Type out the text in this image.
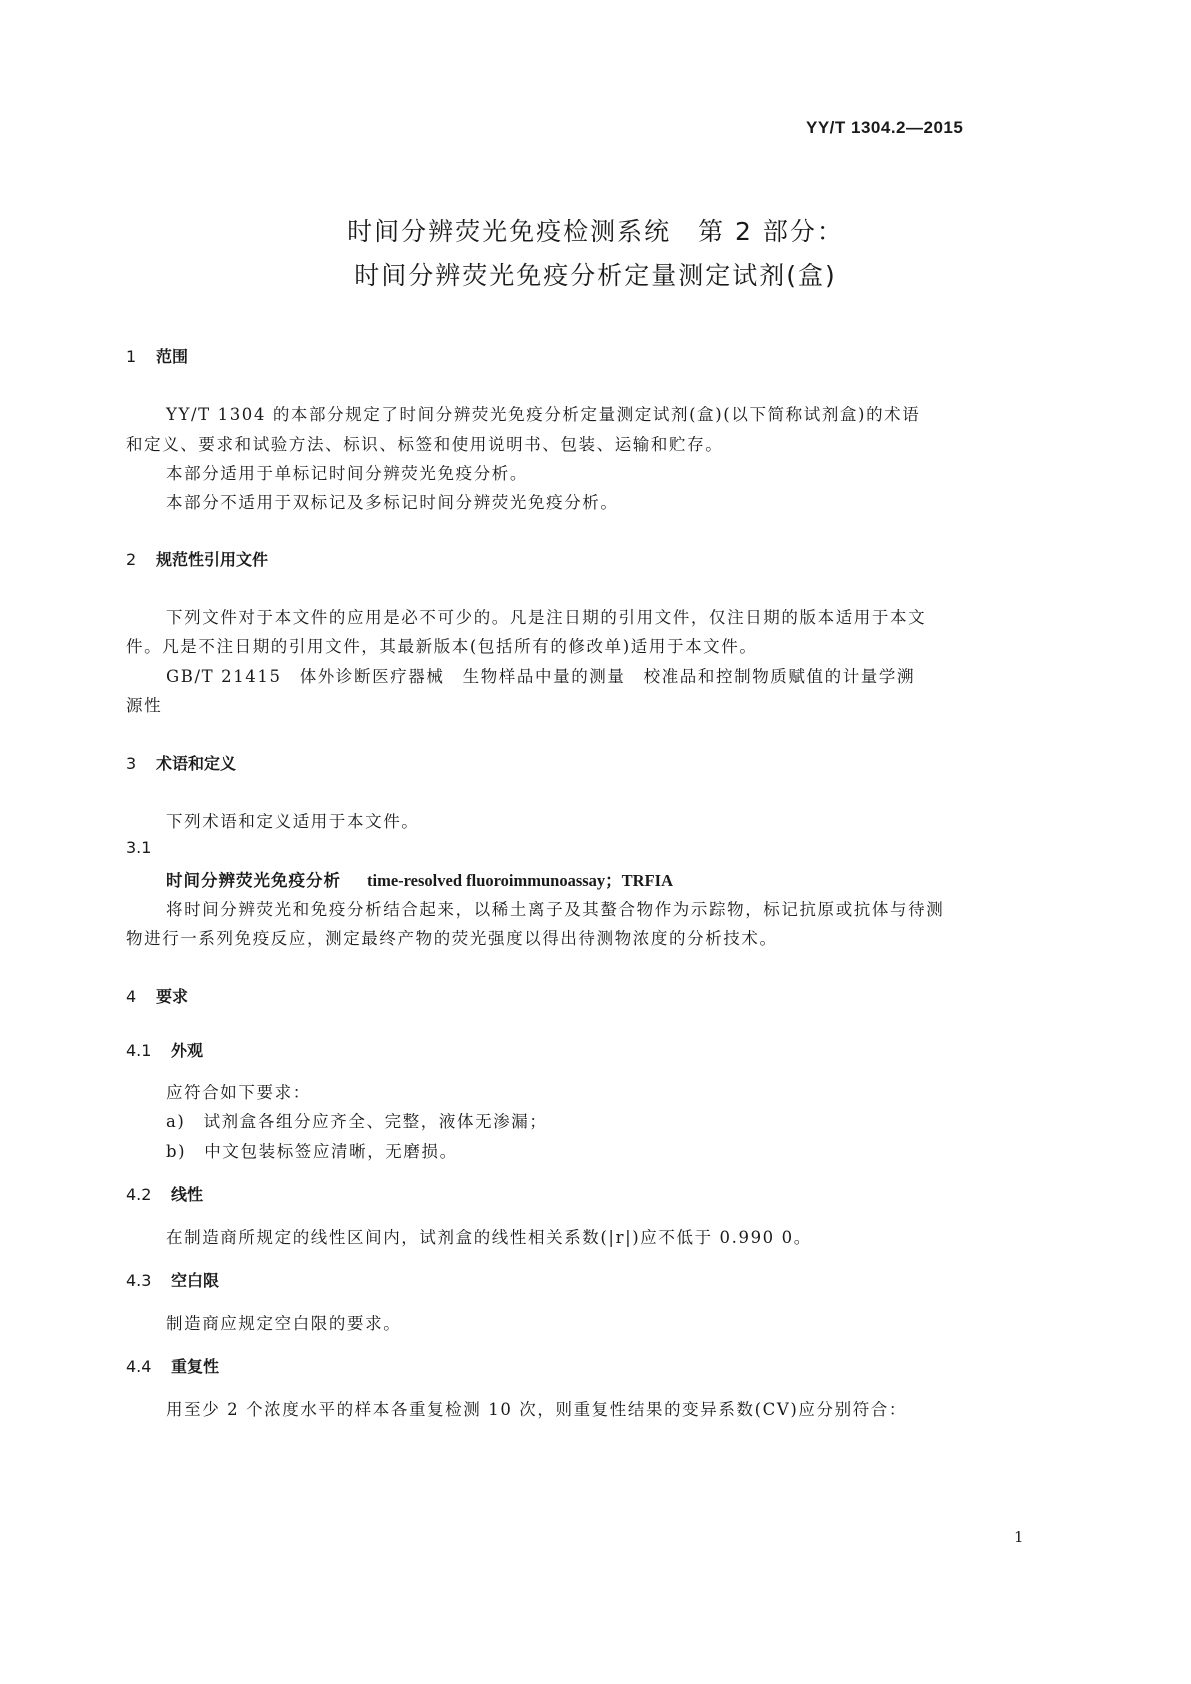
YY/T 1304.2—2015
时间分辨荧光免疫检测系统　第 2 部分：
时间分辨荧光免疫分析定量测定试剂(盒)
1 范围
YY/T 1304 的本部分规定了时间分辨荧光免疫分析定量测定试剂(盒)(以下简称试剂盒)的术语
和定义、要求和试验方法、标识、标签和使用说明书、包装、运输和贮存。
本部分适用于单标记时间分辨荧光免疫分析。
本部分不适用于双标记及多标记时间分辨荧光免疫分析。
2 规范性引用文件
下列文件对于本文件的应用是必不可少的。凡是注日期的引用文件，仅注日期的版本适用于本文
件。凡是不注日期的引用文件，其最新版本(包括所有的修改单)适用于本文件。
GB/T 21415　体外诊断医疗器械　生物样品中量的测量　校准品和控制物质赋值的计量学溯
源性
3 术语和定义
下列术语和定义适用于本文件。
3.1
时间分辨荧光免疫分析 time-resolved fluoroimmunoassay；TRFIA
将时间分辨荧光和免疫分析结合起来，以稀土离子及其螯合物作为示踪物，标记抗原或抗体与待测
物进行一系列免疫反应，测定最终产物的荧光强度以得出待测物浓度的分析技术。
4 要求
4.1 外观
应符合如下要求：
a)　试剂盒各组分应齐全、完整，液体无渗漏；
b)　中文包装标签应清晰，无磨损。
4.2 线性
在制造商所规定的线性区间内，试剂盒的线性相关系数(|r|)应不低于 0.990 0。
4.3 空白限
制造商应规定空白限的要求。
4.4 重复性
用至少 2 个浓度水平的样本各重复检测 10 次，则重复性结果的变异系数(CV)应分别符合：
1
